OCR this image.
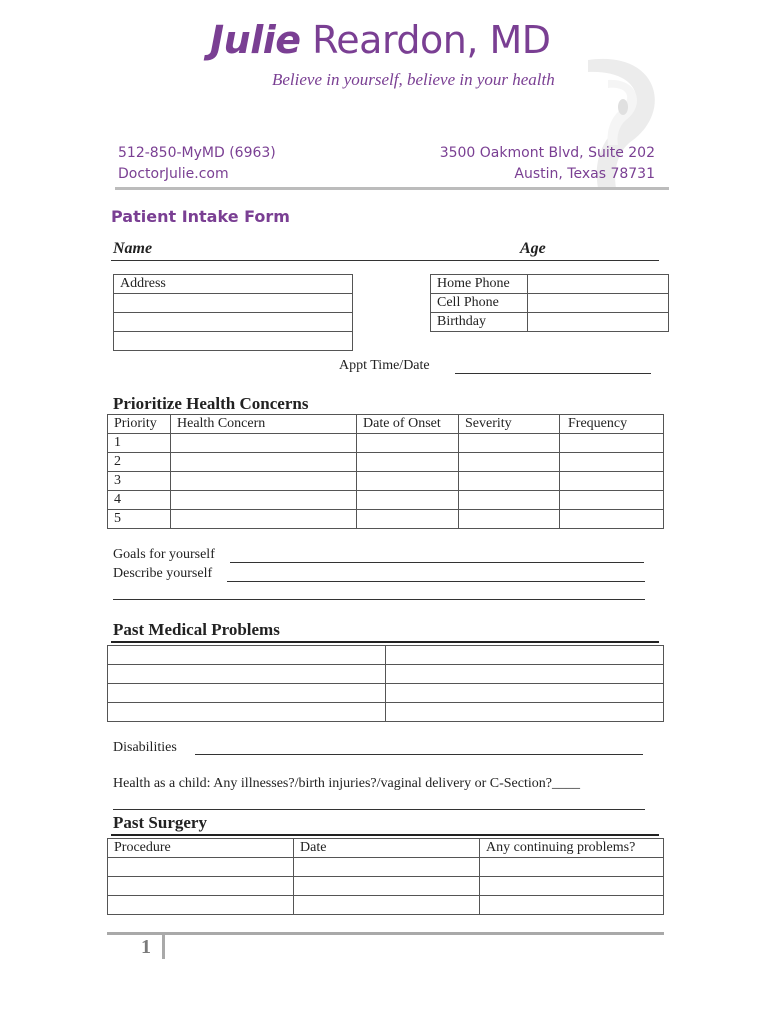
Julie Reardon, MD
Believe in yourself, believe in your health
512-850-MyMD (6963)
DoctorJulie.com
3500 Oakmont Blvd, Suite 202
Austin, Texas 78731
Patient Intake Form
Name	Age
Address	Home Phone	
Cell Phone	
Birthday	
Appt Time/Date
Prioritize Health Concerns
Priority	Health Concern	Date of Onset	Severity	Frequency
1				
2				
3				
4				
5				
Goals for yourself
Describe yourself
Past Medical Problems

Disabilities
Health as a child: Any illnesses?/birth injuries?/vaginal delivery or C-Section?____
Past Surgery
Procedure	Date	Any continuing problems?

1
